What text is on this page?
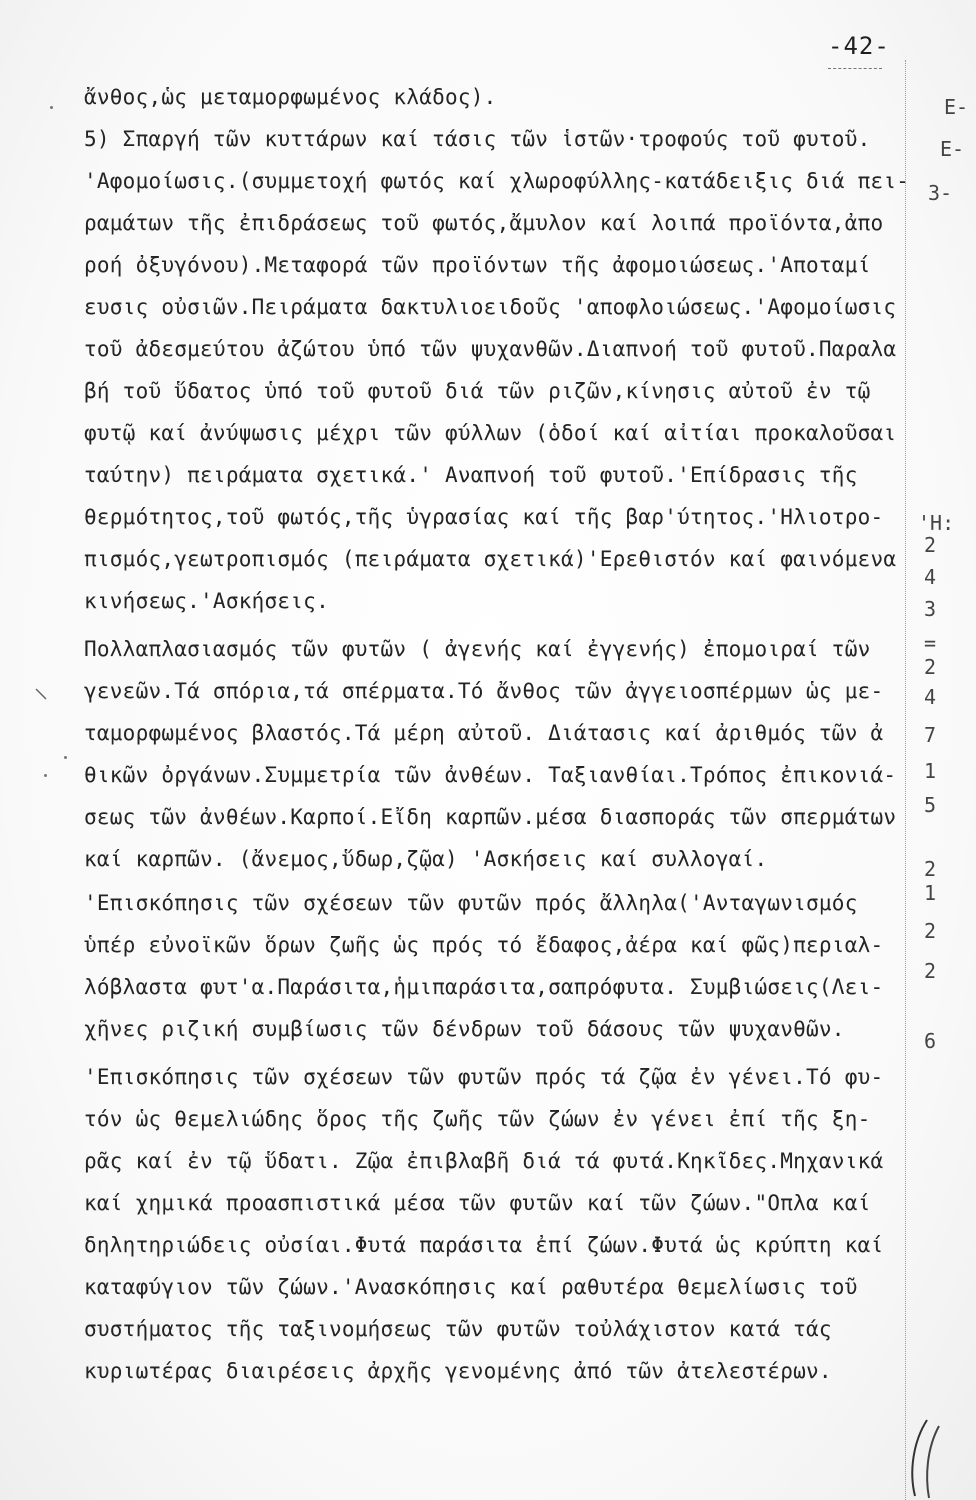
-42-
ἄνθος,ὡς μεταμορφωμένος κλάδος).
5) Σπαργή τῶν κυττάρων καί τάσις τῶν ἱστῶν·τροφούς τοῦ φυτοῦ.
'Αφομοίωσις.(συμμετοχή φωτός καί χλωροφύλλης-κατάδειξις διά πει-
ραμάτων τῆς ἐπιδράσεως τοῦ φωτός,ἄμυλον καί λοιπά προϊόντα,ἀπο
ροή ὀξυγόνου).Μεταφορά τῶν προϊόντων τῆς ἀφομοιώσεως.'Αποταμί
ευσις οὐσιῶν.Πειράματα δακτυλιοειδοῦς 'αποφλοιώσεως.'Αφομοίωσις
τοῦ ἀδεσμεύτου ἀζώτου ὑπό τῶν ψυχανθῶν.Διαπνοή τοῦ φυτοῦ.Παραλα
βή τοῦ ὕδατος ὑπό τοῦ φυτοῦ διά τῶν ριζῶν,κίνησις αὐτοῦ ἐν τῷ
φυτῷ καί ἀνύψωσις μέχρι τῶν φύλλων (ὁδοί καί αἰτίαι προκαλοῦσαι
ταύτην) πειράματα σχετικά.' Αναπνοή τοῦ φυτοῦ.'Επίδρασις τῆς
θερμότητος,τοῦ φωτός,τῆς ὑγρασίας καί τῆς βαρ'ύτητος.'Ηλιοτρο-
πισμός,γεωτροπισμός (πειράματα σχετικά)'Ερεθιστόν καί φαινόμενα
κινήσεως.'Ασκήσεις.
Πολλαπλασιασμός τῶν φυτῶν ( ἀγενής καί ἐγγενής) ἐπομοιραί τῶν
γενεῶν.Τά σπόρια,τά σπέρματα.Τό ἄνθος τῶν ἀγγειοσπέρμων ὡς με-
ταμορφωμένος βλαστός.Τά μέρη αὐτοῦ. Διάτασις καί ἀριθμός τῶν ἀ
θικῶν ὀργάνων.Συμμετρία τῶν ἀνθέων. Ταξιανθίαι.Τρόπος ἐπικονιά-
σεως τῶν ἀνθέων.Καρποί.Εἴδη καρπῶν.μέσα διασποράς τῶν σπερμάτων
καί καρπῶν. (ἄνεμος,ὕδωρ,ζῷα) 'Ασκήσεις καί συλλογαί.
'Επισκόπησις τῶν σχέσεων τῶν φυτῶν πρός ἄλληλα('Ανταγωνισμός
ὑπέρ εὐνοϊκῶν ὅρων ζωῆς ὡς πρός τό ἔδαφος,ἀέρα καί φῶς)περιαλ-
λόβλαστα φυτ'α.Παράσιτα,ἡμιπαράσιτα,σαπρόφυτα. Συμβιώσεις(Λει-
χῆνες ριζική συμβίωσις τῶν δένδρων τοῦ δάσους τῶν ψυχανθῶν.
'Επισκόπησις τῶν σχέσεων τῶν φυτῶν πρός τά ζῷα ἐν γένει.Τό φυ-
τόν ὡς θεμελιώδης ὅρος τῆς ζωῆς τῶν ζώων ἐν γένει ἐπί τῆς ξη-
ρᾶς καί ἐν τῷ ὕδατι. Ζῷα ἐπιβλαβῆ διά τά φυτά.Κηκῖδες.Μηχανικά
καί χημικά προασπιστικά μέσα τῶν φυτῶν καί τῶν ζώων."Οπλα καί
δηλητηριώδεις οὐσίαι.Φυτά παράσιτα ἐπί ζώων.Φυτά ὡς κρύπτη καί
καταφύγιον τῶν ζώων.'Ανασκόπησις καί ραθυτέρα θεμελίωσις τοῦ
συστήματος τῆς ταξινομήσεως τῶν φυτῶν τοὐλάχιστον κατά τάς
κυριωτέρας διαιρέσεις ἀρχῆς γενομένης ἀπό τῶν ἀτελεστέρων.
Ε-
Ε-
3-
'Η:
2
4
3
=
2
4
7
1
5
2
1
2
2
6
